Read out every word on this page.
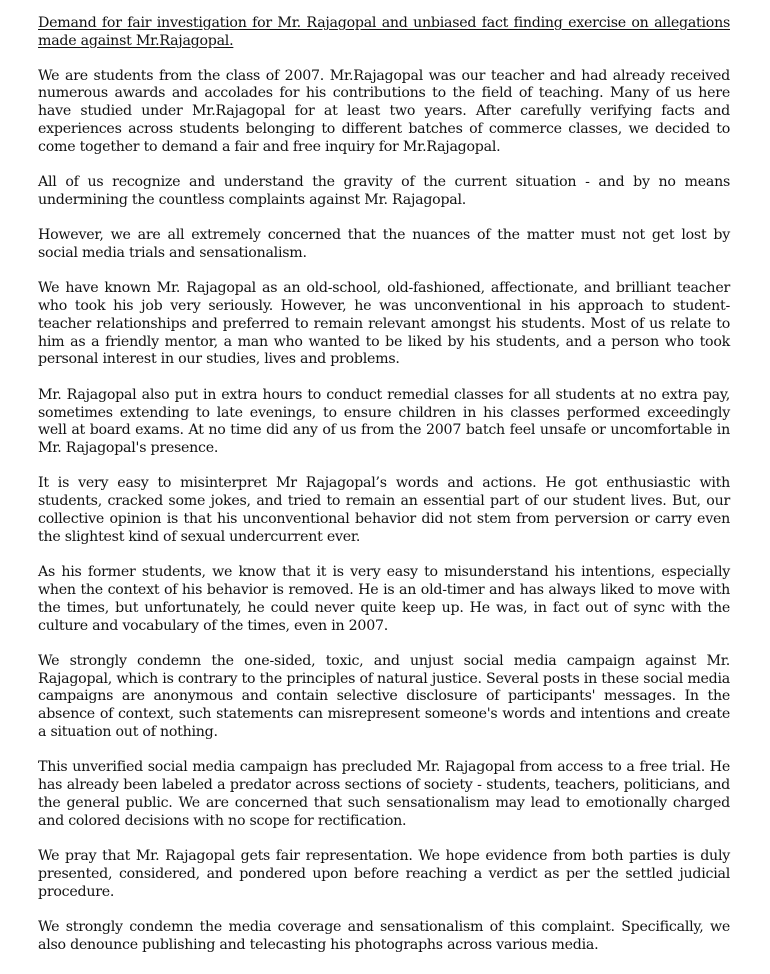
Demand for fair investigation for Mr. Rajagopal and unbiased fact finding exercise on allegations made against Mr.Rajagopal.

We are students from the class of 2007. Mr.Rajagopal was our teacher and had already received numerous awards and accolades for his contributions to the field of teaching. Many of us here have studied under Mr.Rajagopal for at least two years. After carefully verifying facts and experiences across students belonging to different batches of commerce classes, we decided to come together to demand a fair and free inquiry for Mr.Rajagopal.

All of us recognize and understand the gravity of the current situation - and by no means undermining the countless complaints against Mr. Rajagopal.

However, we are all extremely concerned that the nuances of the matter must not get lost by social media trials and sensationalism.

We have known Mr. Rajagopal as an old-school, old-fashioned, affectionate, and brilliant teacher who took his job very seriously. However, he was unconventional in his approach to student-teacher relationships and preferred to remain relevant amongst his students. Most of us relate to him as a friendly mentor, a man who wanted to be liked by his students, and a person who took personal interest in our studies, lives and problems.

Mr. Rajagopal also put in extra hours to conduct remedial classes for all students at no extra pay, sometimes extending to late evenings, to ensure children in his classes performed exceedingly well at board exams. At no time did any of us from the 2007 batch feel unsafe or uncomfortable in Mr. Rajagopal's presence.

It is very easy to misinterpret Mr Rajagopal’s words and actions. He got enthusiastic with students, cracked some jokes, and tried to remain an essential part of our student lives. But, our collective opinion is that his unconventional behavior did not stem from perversion or carry even the slightest kind of sexual undercurrent ever.

As his former students, we know that it is very easy to misunderstand his intentions, especially when the context of his behavior is removed. He is an old-timer and has always liked to move with the times, but unfortunately, he could never quite keep up. He was, in fact out of sync with the culture and vocabulary of the times, even in 2007.

We strongly condemn the one-sided, toxic, and unjust social media campaign against Mr. Rajagopal, which is contrary to the principles of natural justice. Several posts in these social media campaigns are anonymous and contain selective disclosure of participants' messages. In the absence of context, such statements can misrepresent someone's words and intentions and create a situation out of nothing.

This unverified social media campaign has precluded Mr. Rajagopal from access to a free trial. He has already been labeled a predator across sections of society - students, teachers, politicians, and the general public. We are concerned that such sensationalism may lead to emotionally charged and colored decisions with no scope for rectification.

We pray that Mr. Rajagopal gets fair representation. We hope evidence from both parties is duly presented, considered, and pondered upon before reaching a verdict as per the settled judicial procedure.

We strongly condemn the media coverage and sensationalism of this complaint. Specifically, we also denounce publishing and telecasting his photographs across various media.
